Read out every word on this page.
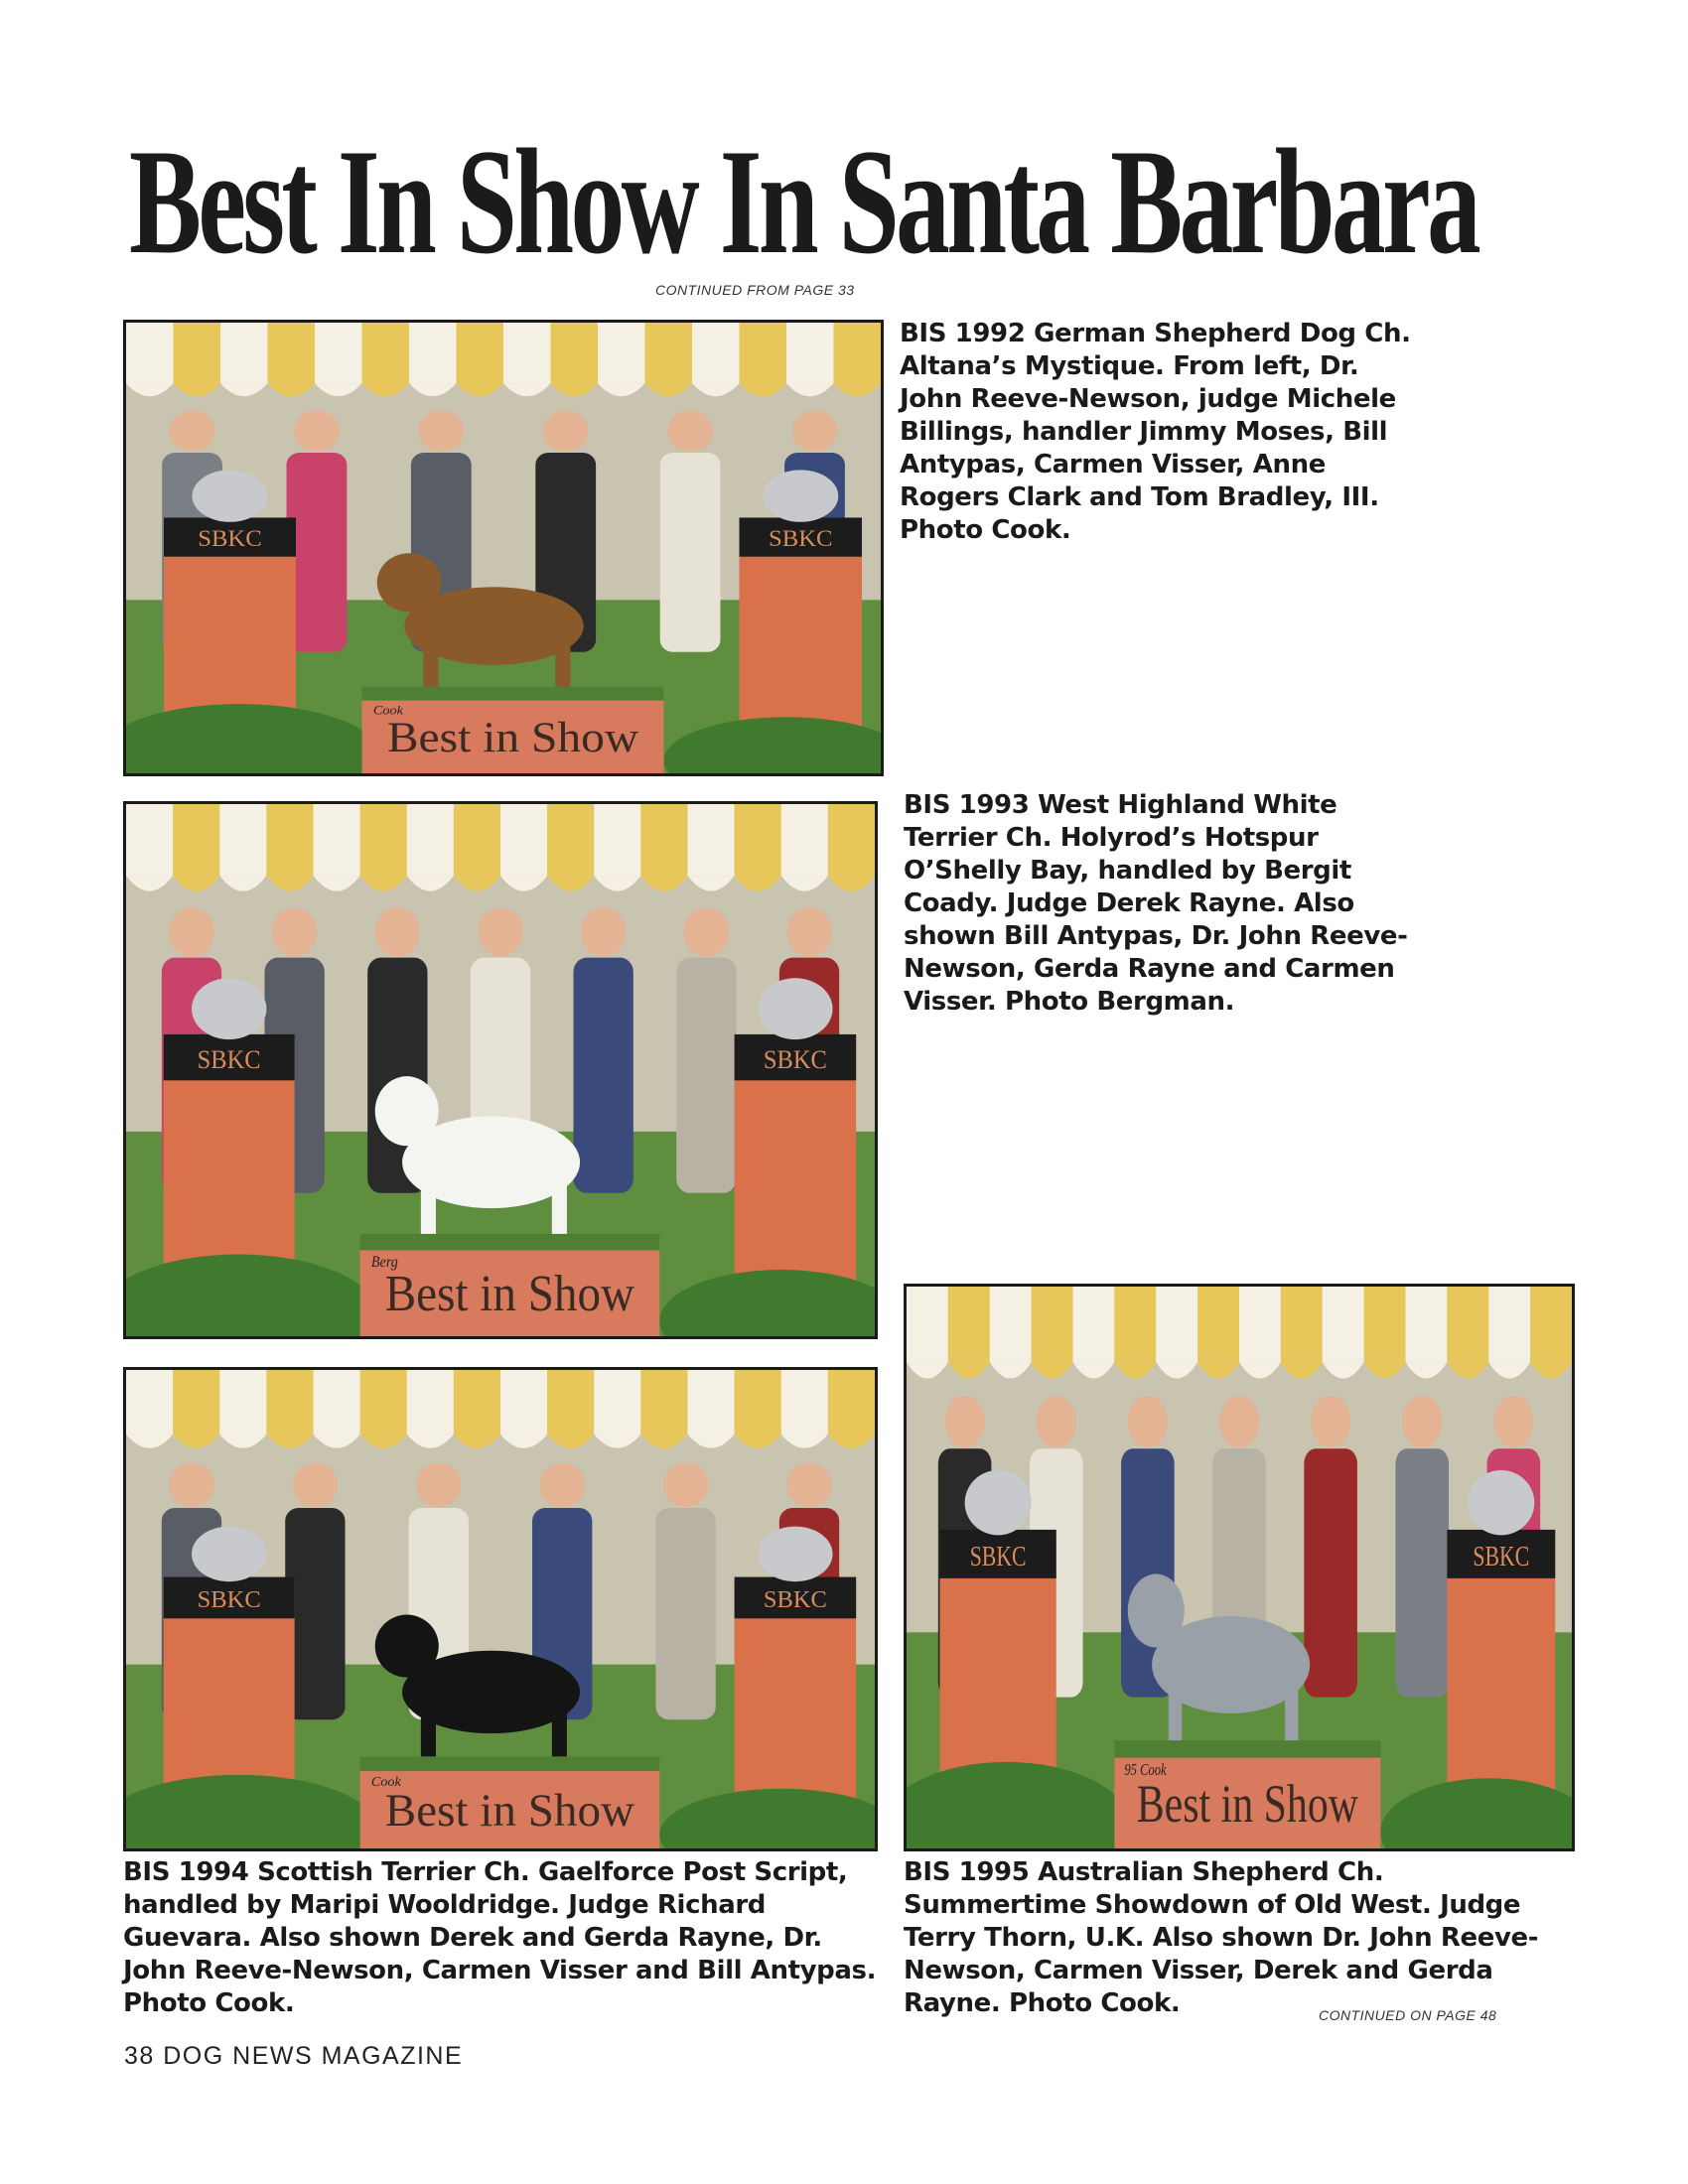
Best In Show In Santa Barbara

CONTINUED FROM PAGE 33

SBKC	SBKC
Best in Show
Cook

BIS 1992 German Shepherd Dog Ch. Altana’s Mystique. From left, Dr. John Reeve-Newson, judge Michele Billings, handler Jimmy Moses, Bill Antypas, Carmen Visser, Anne Rogers Clark and Tom Bradley, III. Photo Cook.

SBKC	SBKC
Best in Show
Berg

BIS 1993 West Highland White Terrier Ch. Holyrod’s Hotspur O’Shelly Bay, handled by Bergit Coady. Judge Derek Rayne. Also shown Bill Antypas, Dr. John Reeve-Newson, Gerda Rayne and Carmen Visser. Photo Bergman.

SBKC	SBKC
Best in Show
Cook

BIS 1994 Scottish Terrier Ch. Gaelforce Post Script, handled by Maripi Wooldridge. Judge Richard Guevara. Also shown Derek and Gerda Rayne, Dr. John Reeve-Newson, Carmen Visser and Bill Antypas. Photo Cook.

SBKC	SBKC
Best in Show
95 Cook

BIS 1995 Australian Shepherd Ch. Summertime Showdown of Old West. Judge Terry Thorn, U.K. Also shown Dr. John Reeve-Newson, Carmen Visser, Derek and Gerda Rayne. Photo Cook.	CONTINUED ON PAGE 48

38 DOG NEWS MAGAZINE
